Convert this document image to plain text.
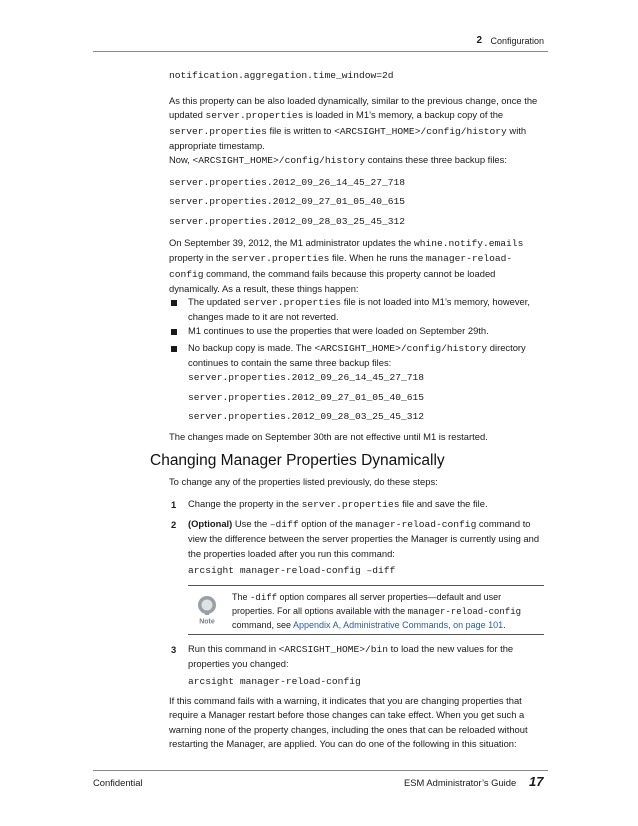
2 Configuration
notification.aggregation.time_window=2d

As this property can be also loaded dynamically, similar to the previous change, once the updated server.properties is loaded in M1’s memory, a backup copy of the server.properties file is written to <ARCSIGHT_HOME>/config/history with appropriate timestamp.

Now, <ARCSIGHT_HOME>/config/history contains these three backup files:

server.properties.2012_09_26_14_45_27_718
server.properties.2012_09_27_01_05_40_615
server.properties.2012_09_28_03_25_45_312

On September 39, 2012, the M1 administrator updates the whine.notify.emails property in the server.properties file. When he runs the manager-reload-config command, the command fails because this property cannot be loaded dynamically. As a result, these things happen:

The updated server.properties file is not loaded into M1’s memory, however, changes made to it are not reverted.

M1 continues to use the properties that were loaded on September 29th.

No backup copy is made. The <ARCSIGHT_HOME>/config/history directory continues to contain the same three backup files:

server.properties.2012_09_26_14_45_27_718
server.properties.2012_09_27_01_05_40_615
server.properties.2012_09_28_03_25_45_312

The changes made on September 30th are not effective until M1 is restarted.

Changing Manager Properties Dynamically

To change any of the properties listed previously, do these steps:

1 Change the property in the server.properties file and save the file.

2 (Optional) Use the –diff option of the manager-reload-config command to view the difference between the server properties the Manager is currently using and the properties loaded after you run this command:

arcsight manager-reload-config –diff
Note

The -diff option compares all server properties—default and user properties. For all options available with the manager-reload-config command, see Appendix A, Administrative Commands, on page 101.

3 Run this command in <ARCSIGHT_HOME>/bin to load the new values for the properties you changed:

arcsight manager-reload-config

If this command fails with a warning, it indicates that you are changing properties that require a Manager restart before those changes can take effect. When you get such a warning none of the property changes, including the ones that can be reloaded without restarting the Manager, are applied. You can do one of the following in this situation:

Confidential	ESM Administrator’s Guide 17
